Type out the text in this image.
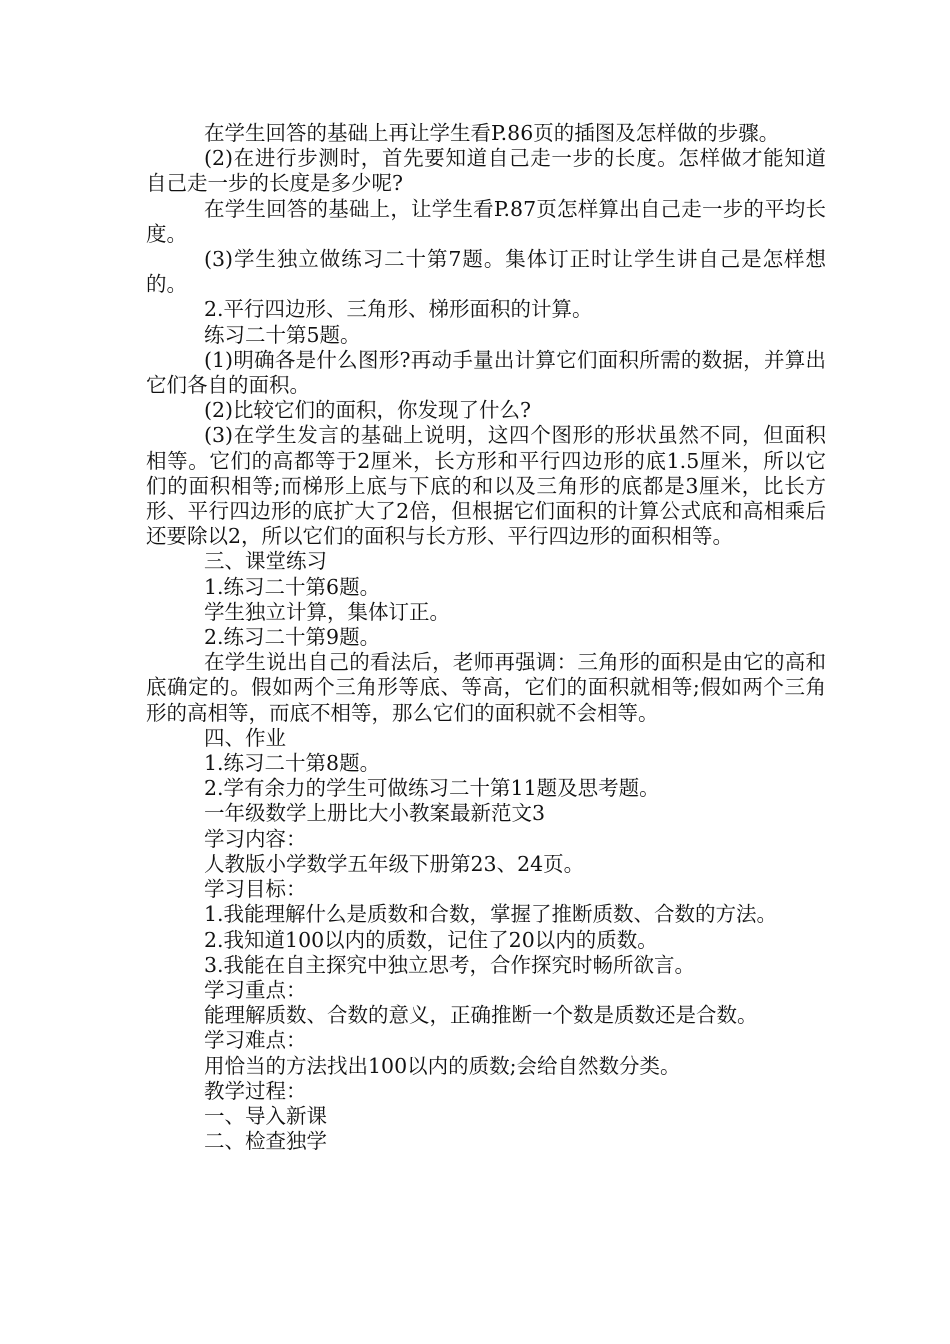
在学生回答的基础上再让学生看P.86页的插图及怎样做的步骤。

(2)在进行步测时，首先要知道自己走一步的长度。怎样做才能知道自己走一步的长度是多少呢?

在学生回答的基础上，让学生看P.87页怎样算出自己走一步的平均长度。

(3)学生独立做练习二十第7题。集体订正时让学生讲自己是怎样想的。

2.平行四边形、三角形、梯形面积的计算。

练习二十第5题。

(1)明确各是什么图形?再动手量出计算它们面积所需的数据，并算出它们各自的面积。

(2)比较它们的面积，你发现了什么?

(3)在学生发言的基础上说明，这四个图形的形状虽然不同，但面积相等。它们的高都等于2厘米，长方形和平行四边形的底1.5厘米，所以它们的面积相等;而梯形上底与下底的和以及三角形的底都是3厘米，比长方形、平行四边形的底扩大了2倍，但根据它们面积的计算公式底和高相乘后还要除以2，所以它们的面积与长方形、平行四边形的面积相等。

三、课堂练习

1.练习二十第6题。

学生独立计算，集体订正。

2.练习二十第9题。

在学生说出自己的看法后，老师再强调：三角形的面积是由它的高和底确定的。假如两个三角形等底、等高，它们的面积就相等;假如两个三角形的高相等，而底不相等，那么它们的面积就不会相等。

四、作业

1.练习二十第8题。

2.学有余力的学生可做练习二十第11题及思考题。

一年级数学上册比大小教案最新范文3

学习内容：

人教版小学数学五年级下册第23、24页。

学习目标：

1.我能理解什么是质数和合数，掌握了推断质数、合数的方法。

2.我知道100以内的质数，记住了20以内的质数。

3.我能在自主探究中独立思考，合作探究时畅所欲言。

学习重点：

能理解质数、合数的意义，正确推断一个数是质数还是合数。

学习难点：

用恰当的方法找出100以内的质数;会给自然数分类。

教学过程：

一、导入新课

二、检查独学
